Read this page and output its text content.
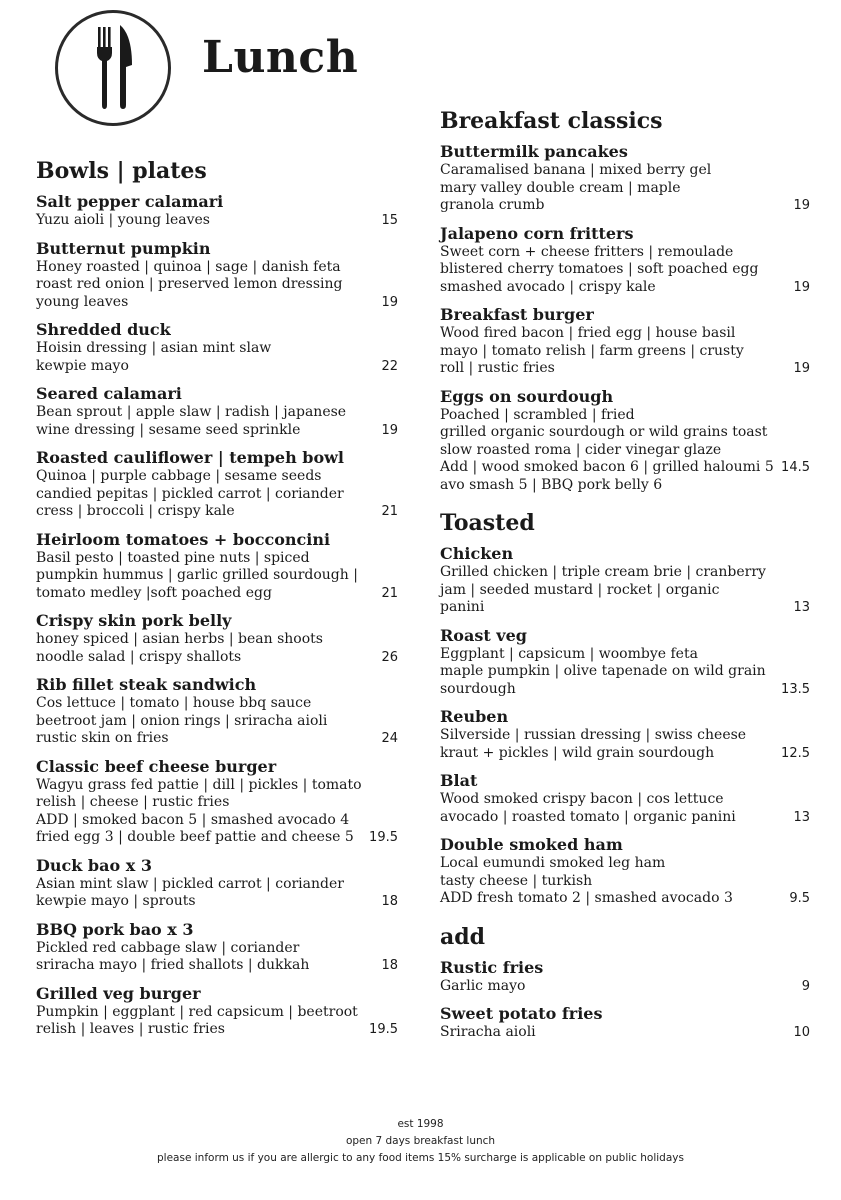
Lunch
Bowls | plates
Salt pepper calamari
Yuzu aioli | young leaves	15
Butternut pumpkin
Honey roasted | quinoa | sage | danish feta
roast red onion | preserved lemon dressing
young leaves	19
Shredded duck
Hoisin dressing | asian mint slaw
kewpie mayo	22
Seared calamari
Bean sprout | apple slaw | radish | japanese
wine dressing | sesame seed sprinkle	19
Roasted cauliflower | tempeh bowl
Quinoa | purple cabbage | sesame seeds
candied pepitas | pickled carrot | coriander
cress | broccoli | crispy kale	21
Heirloom tomatoes + bocconcini
Basil pesto | toasted pine nuts | spiced
pumpkin hummus | garlic grilled sourdough |
tomato medley |soft poached egg	21
Crispy skin pork belly
honey spiced | asian herbs | bean shoots
noodle salad | crispy shallots	26
Rib fillet steak sandwich
Cos lettuce | tomato | house bbq sauce
beetroot jam | onion rings | sriracha aioli
rustic skin on fries	24
Classic beef cheese burger
Wagyu grass fed pattie | dill | pickles | tomato
relish | cheese | rustic fries
ADD | smoked bacon 5 | smashed avocado 4
fried egg 3 | double beef pattie and cheese 5	19.5
Duck bao x 3
Asian mint slaw | pickled carrot | coriander
kewpie mayo | sprouts	18
BBQ pork bao x 3
Pickled red cabbage slaw | coriander
sriracha mayo | fried shallots | dukkah	18
Grilled veg burger
Pumpkin | eggplant | red capsicum | beetroot
relish | leaves | rustic fries	19.5
Breakfast classics
Buttermilk pancakes
Caramalised banana | mixed berry gel
mary valley double cream | maple
granola crumb	19
Jalapeno corn fritters
Sweet corn + cheese fritters | remoulade
blistered cherry tomatoes | soft poached egg
smashed avocado | crispy kale	19
Breakfast burger
Wood fired bacon | fried egg | house basil
mayo | tomato relish | farm greens | crusty
roll | rustic fries	19
Eggs on sourdough
Poached | scrambled | fried
grilled organic sourdough or wild grains toast
slow roasted roma | cider vinegar glaze
Add | wood smoked bacon 6 | grilled haloumi 5
avo smash 5 | BBQ pork belly 6
14.5
Toasted
Chicken
Grilled chicken | triple cream brie | cranberry
jam | seeded mustard | rocket | organic
panini	13
Roast veg
Eggplant | capsicum | woombye feta
maple pumpkin | olive tapenade on wild grain
sourdough	13.5
Reuben
Silverside | russian dressing | swiss cheese
kraut + pickles | wild grain sourdough	12.5
Blat
Wood smoked crispy bacon | cos lettuce
avocado | roasted tomato | organic panini	13
Double smoked ham
Local eumundi smoked leg ham
tasty cheese | turkish
ADD fresh tomato 2 | smashed avocado 3	9.5
add
Rustic fries
Garlic mayo	9
Sweet potato fries
Sriracha aioli	10
est 1998
open 7 days breakfast lunch
please inform us if you are allergic to any food items 15% surcharge is applicable on public holidays
